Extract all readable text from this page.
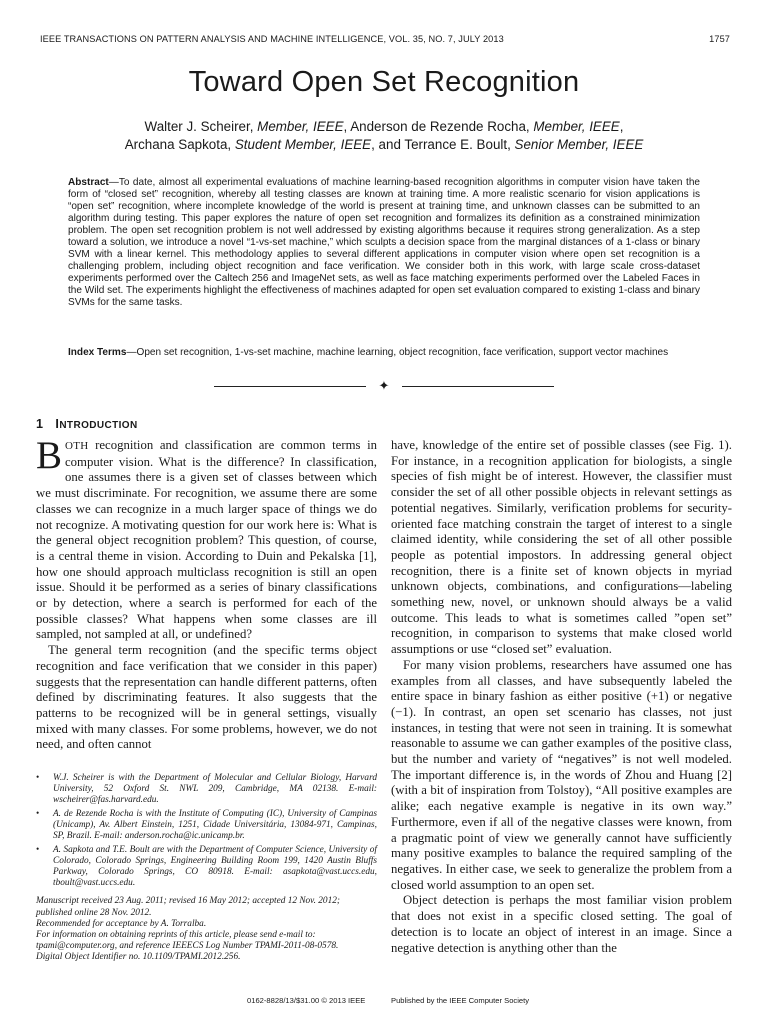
IEEE TRANSACTIONS ON PATTERN ANALYSIS AND MACHINE INTELLIGENCE, VOL. 35, NO. 7, JULY 2013	1757
Toward Open Set Recognition
Walter J. Scheirer, Member, IEEE, Anderson de Rezende Rocha, Member, IEEE,
Archana Sapkota, Student Member, IEEE, and Terrance E. Boult, Senior Member, IEEE
Abstract—To date, almost all experimental evaluations of machine learning-based recognition algorithms in computer vision have taken the form of “closed set” recognition, whereby all testing classes are known at training time. A more realistic scenario for vision applications is “open set” recognition, where incomplete knowledge of the world is present at training time, and unknown classes can be submitted to an algorithm during testing. This paper explores the nature of open set recognition and formalizes its definition as a constrained minimization problem. The open set recognition problem is not well addressed by existing algorithms because it requires strong generalization. As a step toward a solution, we introduce a novel “1-vs-set machine,” which sculpts a decision space from the marginal distances of a 1-class or binary SVM with a linear kernel. This methodology applies to several different applications in computer vision where open set recognition is a challenging problem, including object recognition and face verification. We consider both in this work, with large scale cross-dataset experiments performed over the Caltech 256 and ImageNet sets, as well as face matching experiments performed over the Labeled Faces in the Wild set. The experiments highlight the effectiveness of machines adapted for open set evaluation compared to existing 1-class and binary SVMs for the same tasks.
Index Terms—Open set recognition, 1-vs-set machine, machine learning, object recognition, face verification, support vector machines
✦
1 INTRODUCTION

BOTH recognition and classification are common terms in computer vision. What is the difference? In classification, one assumes there is a given set of classes between which we must discriminate. For recognition, we assume there are some classes we can recognize in a much larger space of things we do not recognize. A motivating question for our work here is: What is the general object recognition problem? This question, of course, is a central theme in vision. According to Duin and Pekalska [1], how one should approach multiclass recognition is still an open issue. Should it be performed as a series of binary classifications or by detection, where a search is performed for each of the possible classes? What happens when some classes are ill sampled, not sampled at all, or undefined?

The general term recognition (and the specific terms object recognition and face verification that we consider in this paper) suggests that the representation can handle different patterns, often defined by discriminating features. It also suggests that the patterns to be recognized will be in general settings, visually mixed with many classes. For some problems, however, we do not need, and often cannot

• W.J. Scheirer is with the Department of Molecular and Cellular Biology, Harvard University, 52 Oxford St. NWL 209, Cambridge, MA 02138. E-mail: wscheirer@fas.harvard.edu.
• A. de Rezende Rocha is with the Institute of Computing (IC), University of Campinas (Unicamp), Av. Albert Einstein, 1251, Cidade Universitária, 13084-971, Campinas, SP, Brazil. E-mail: anderson.rocha@ic.unicamp.br.
• A. Sapkota and T.E. Boult are with the Department of Computer Science, University of Colorado, Colorado Springs, Engineering Building Room 199, 1420 Austin Bluffs Parkway, Colorado Springs, CO 80918. E-mail: asapkota@vast.uccs.edu, tboult@vast.uccs.edu.
Manuscript received 23 Aug. 2011; revised 16 May 2012; accepted 12 Nov. 2012; published online 28 Nov. 2012.
Recommended for acceptance by A. Torralba.
For information on obtaining reprints of this article, please send e-mail to: tpami@computer.org, and reference IEEECS Log Number TPAMI-2011-08-0578.
Digital Object Identifier no. 10.1109/TPAMI.2012.256.

have, knowledge of the entire set of possible classes (see Fig. 1). For instance, in a recognition application for biologists, a single species of fish might be of interest. However, the classifier must consider the set of all other possible objects in relevant settings as potential negatives. Similarly, verification problems for security-oriented face matching constrain the target of interest to a single claimed identity, while considering the set of all other possible people as potential impostors. In addressing general object recognition, there is a finite set of known objects in myriad unknown objects, combinations, and configurations—labeling something new, novel, or unknown should always be a valid outcome. This leads to what is sometimes called ”open set” recognition, in comparison to systems that make closed world assumptions or use “closed set” evaluation.

For many vision problems, researchers have assumed one has examples from all classes, and have subsequently labeled the entire space in binary fashion as either positive (+1) or negative (−1). In contrast, an open set scenario has classes, not just instances, in testing that were not seen in training. It is somewhat reasonable to assume we can gather examples of the positive class, but the number and variety of “negatives” is not well modeled. The important difference is, in the words of Zhou and Huang [2] (with a bit of inspiration from Tolstoy), “All positive examples are alike; each negative example is negative in its own way.” Furthermore, even if all of the negative classes were known, from a pragmatic point of view we generally cannot have sufficiently many positive examples to balance the required sampling of the negatives. In either case, we seek to generalize the problem from a closed world assumption to an open set.

Object detection is perhaps the most familiar vision problem that does not exist in a specific closed setting. The goal of detection is to locate an object of interest in an image. Since a negative detection is anything other than the

0162-8828/13/$31.00 © 2013 IEEE	Published by the IEEE Computer Society
